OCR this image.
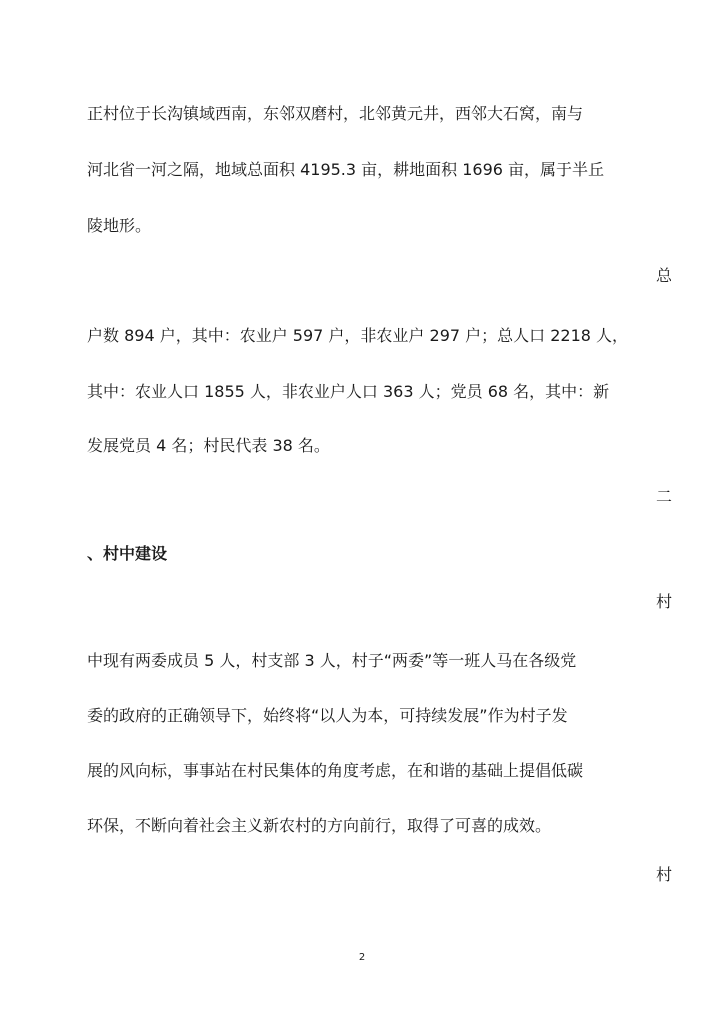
正村位于长沟镇域西南，东邻双磨村，北邻黄元井，西邻大石窝，南与
河北省一河之隔，地域总面积 4195.3 亩，耕地面积 1696 亩，属于半丘
陵地形。
总
户数 894 户，其中：农业户 597 户，非农业户 297 户；总人口 2218 人，
其中：农业人口 1855 人，非农业户人口 363 人；党员 68 名，其中：新
发展党员 4 名；村民代表 38 名。
二
、村中建设
村
中现有两委成员 5 人，村支部 3 人，村子“两委”等一班人马在各级党
委的政府的正确领导下，始终将“以人为本，可持续发展”作为村子发
展的风向标，事事站在村民集体的角度考虑，在和谐的基础上提倡低碳
环保，不断向着社会主义新农村的方向前行，取得了可喜的成效。
村
2
